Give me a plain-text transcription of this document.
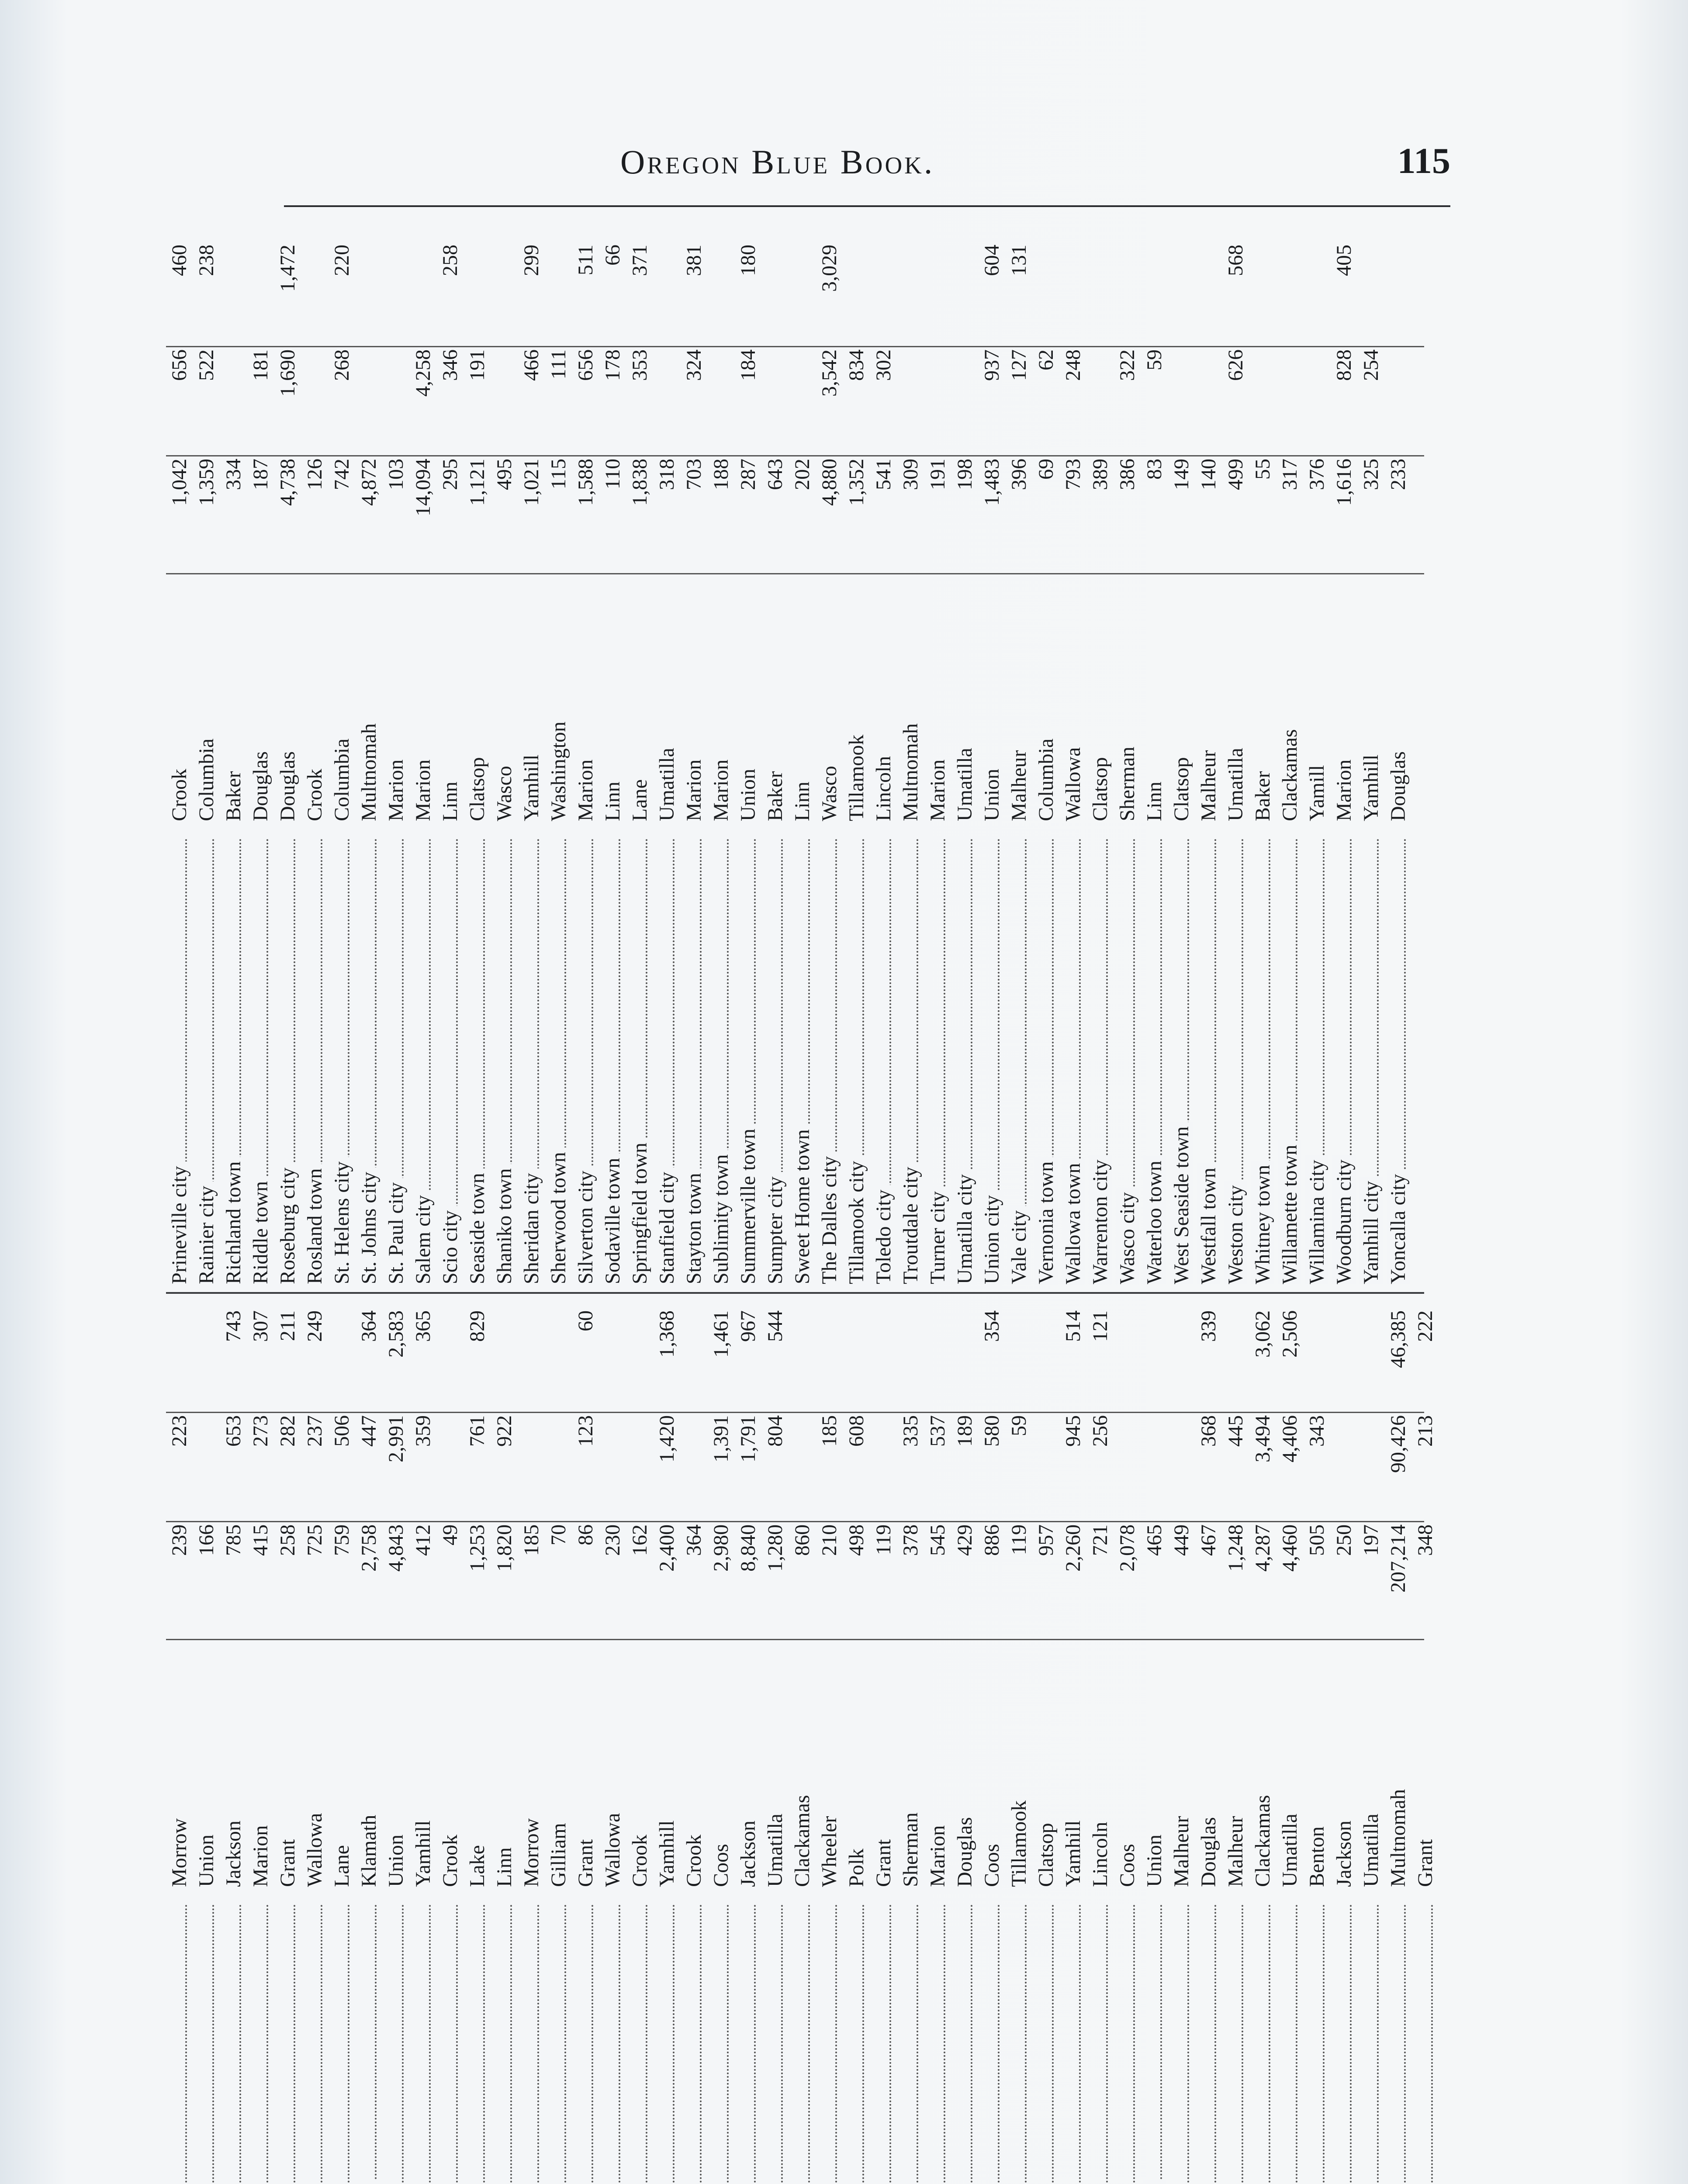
Oregon Blue Book.	115
Morrow
239
223
Union
166
Jackson
785
653
743
Marion
415
273
307
Grant
258
282
211
Wallowa
725
237
249
Lane
759
506
Klamath
2,758
447
364
Union
4,843
2,991
2,583
Yamhill
412
359
365
Crook
49
Lake
1,253
761
829
Linn
1,820
922
Morrow
185
Gilliam
70
Grant
86
123
60
Wallowa
230
Crook
162
Yamhill
2,400
1,420
1,368
Crook
364
Coos
2,980
1,391
1,461
Jackson
8,840
1,791
967
Umatilla
1,280
804
544
Clackamas
860
Wheeler
210
185
Polk
498
608
Grant
119
Sherman
378
335
Marion
545
537
Douglas
429
189
Coos
886
580
354
Tillamook
119
59
Clatsop
957
Yamhill
2,260
945
514
Lincoln
721
256
121
Coos
2,078
Union
465
Malheur
449
Douglas
467
368
339
Malheur
1,248
445
Clackamas
4,287
3,494
3,062
Umatilla
4,460
4,406
2,506
Benton
505
343
Jackson
250
Umatilla
197
Multnomah
207,214
90,426
46,385
Grant
348
213
222
Prineville city
Crook
1,042
656
460
Rainier city
Columbia
1,359
522
238
Richland town
Baker
334
Riddle town
Douglas
187
181
Roseburg city
Douglas
4,738
1,690
1,472
Rosland town
Crook
126
St. Helens city
Columbia
742
268
220
St. Johns city
Multnomah
4,872
St. Paul city
Marion
103
Salem city
Marion
14,094
4,258
Scio city
Linn
295
346
258
Seaside town
Clatsop
1,121
191
Shaniko town
Wasco
495
Sheridan city
Yamhill
1,021
466
299
Sherwood town
Washington
115
111
Silverton city
Marion
1,588
656
511
Sodaville town
Linn
110
178
66
Springfield town
Lane
1,838
353
371
Stanfield city
Umatilla
318
Stayton town
Marion
703
324
381
Sublimity town
Marion
188
Summerville town
Union
287
184
180
Sumpter city
Baker
643
Sweet Home town
Linn
202
The Dalles city
Wasco
4,880
3,542
3,029
Tillamook city
Tillamook
1,352
834
Toledo city
Lincoln
541
302
Troutdale city
Multnomah
309
Turner city
Marion
191
Umatilla city
Umatilla
198
Union city
Union
1,483
937
604
Vale city
Malheur
396
127
131
Vernonia town
Columbia
69
62
Wallowa town
Wallowa
793
248
Warrenton city
Clatsop
389
Wasco city
Sherman
386
322
Waterloo town
Linn
83
59
West Seaside town
Clatsop
149
Westfall town
Malheur
140
Weston city
Umatilla
499
626
568
Whitney town
Baker
55
Willamette town
Clackamas
317
Willamina city
Yamill
376
Woodburn city
Marion
1,616
828
405
Yamhill city
Yamhill
325
254
Yoncalla city
Douglas
233
